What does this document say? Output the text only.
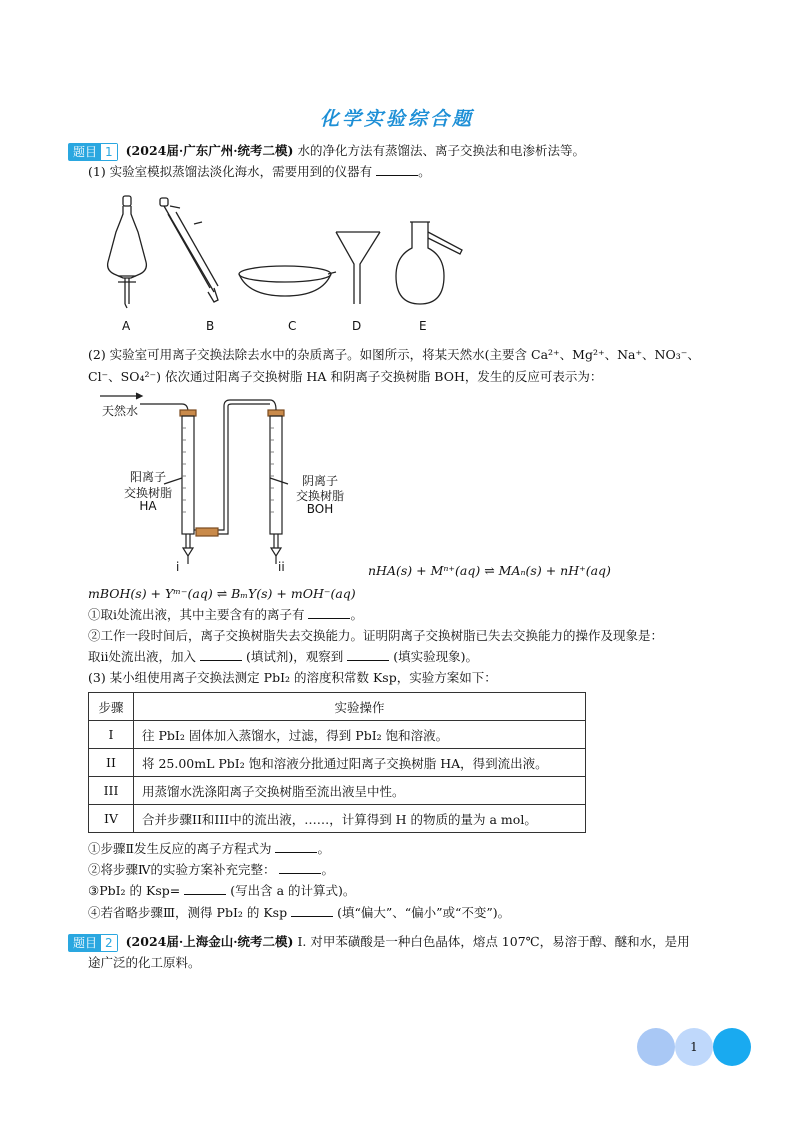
化学实验综合题
题目 1	(2024届·广东广州·统考二模) 水的净化方法有蒸馏法、离子交换法和电渗析法等。
(1) 实验室模拟蒸馏法淡化海水，需要用到的仪器有	。
A	B	C	D	E
(2) 实验室可用离子交换法除去水中的杂质离子。如图所示，将某天然水(主要含 Ca²⁺、Mg²⁺、Na⁺、NO₃⁻、
Cl⁻、SO₄²⁻) 依次通过阳离子交换树脂 HA 和阴离子交换树脂 BOH，发生的反应可表示为：
天然水
阳离子
交换树脂
HA
阴离子
交换树脂
BOH
i	ii	nHA(s) + Mⁿ⁺(aq) ⇌ MAₙ(s) + nH⁺(aq)
mBOH(s) + Yᵐ⁻(aq) ⇌ BₘY(s) + mOH⁻(aq)
①取ⅰ处流出液，其中主要含有的离子有	。
②工作一段时间后，离子交换树脂失去交换能力。证明阴离子交换树脂已失去交换能力的操作及现象是：
取ⅱ处流出液，加入	(填试剂)，观察到	(填实验现象)。
(3) 某小组使用离子交换法测定 PbI₂ 的溶度积常数 Ksp，实验方案如下：
步骤	实验操作
I	往 PbI₂ 固体加入蒸馏水，过滤，得到 PbI₂ 饱和溶液。
II	将 25.00mL PbI₂ 饱和溶液分批通过阳离子交换树脂 HA，得到流出液。
III	用蒸馏水洗涤阳离子交换树脂至流出液呈中性。
IV	合并步骤II和III中的流出液，……，计算得到 H 的物质的量为 a mol。
①步骤Ⅱ发生反应的离子方程式为	。
②将步骤Ⅳ的实验方案补充完整：	。
③PbI₂ 的 Ksp=	(写出含 a 的计算式)。
④若省略步骤Ⅲ，测得 PbI₂ 的 Ksp	(填“偏大”、“偏小”或“不变”)。
题目 2	(2024届·上海金山·统考二模) Ⅰ. 对甲苯磺酸是一种白色晶体，熔点 107℃，易溶于醇、醚和水，是用
途广泛的化工原料。
1
